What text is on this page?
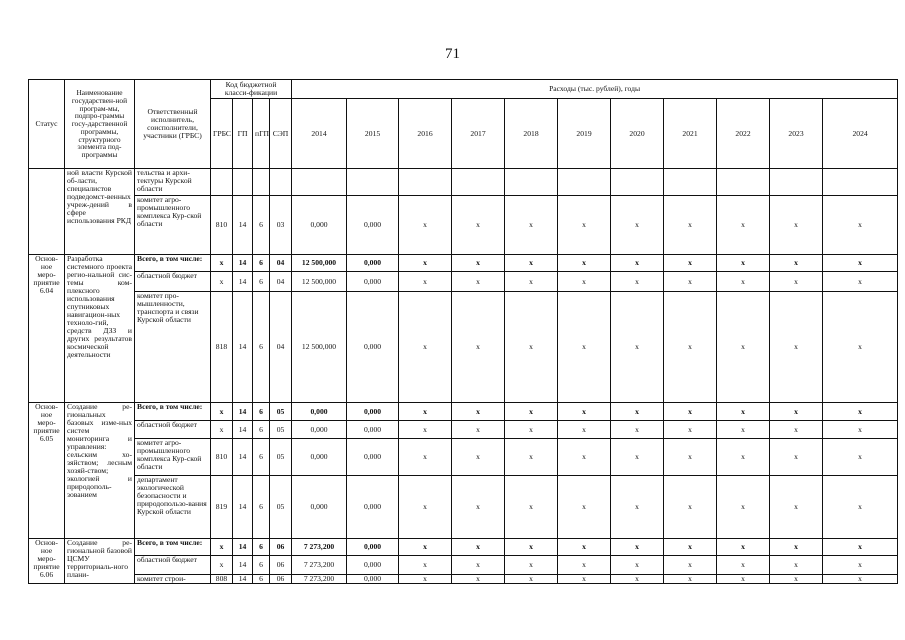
71
Статус	Наименование государствен-ной програм-мы, подпро-граммы госу-дарственной программы, структурного элемента под-программы	Ответственный исполнитель, соисполнители, участники (ГРБС)	Код бюджетной класси-фикации				Расходы (тыс. рублей), годы										
			ГРБС	ГП	пГП	СЭП	2014	2015	2016	2017	2018	2019	2020	2021	2022	2023	2024
	ной власти Курской об-ласти, специалистов подведомст-венных учреж-дений в сфере использования РКД	тельства и архи-тектуры Курской области															
		комитет агро-промышленного комплекса Кур-ской области	810	14	6	03	0,000	0,000	x	x	x	x	x	x	x	x	x
Основ-ное меро-приятие 6.04	Разработка системного проекта регио-нальной сис-темы ком-плексного использования спутниковых навигацион-ных техноло-гий, средств ДЗЗ и других результатов космической деятельности	Всего, в том числе:	x	14	6	04	12 500,000	0,000	x	x	x	x	x	x	x	x	x
		областной бюджет	x	14	6	04	12 500,000	0,000	x	x	x	x	x	x	x	x	x
		комитет про-мышленности, транспорта и связи Курской области	818	14	6	04	12 500,000	0,000	x	x	x	x	x	x	x	x	x
Основ-ное меро-приятие 6.05	Создание ре-гиональных базовых изме-ных систем мониторинга и управления: сельским хо-зяйством; лесным хозяй-ством; экологией и природополь-зованием	Всего, в том числе:	x	14	6	05	0,000	0,000	x	x	x	x	x	x	x	x	x
		областной бюджет	x	14	6	05	0,000	0,000	x	x	x	x	x	x	x	x	x
		комитет агро-промышленного комплекса Кур-ской области	810	14	6	05	0,000	0,000	x	x	x	x	x	x	x	x	x
		департамент экологической безопасности и природопользо-вания Курской области	819	14	6	05	0,000	0,000	x	x	x	x	x	x	x	x	x
Основ-ное меро-приятие 6.06	Создание ре-гиональной базовой ЦСМУ территориаль-ного плани-	Всего, в том числе:	x	14	6	06	7 273,200	0,000	x	x	x	x	x	x	x	x	x
		областной бюджет	x	14	6	06	7 273,200	0,000	x	x	x	x	x	x	x	x	x
		комитет строи-	808	14	6	06	7 273,200	0,000	x	x	x	x	x	x	x	x	x
